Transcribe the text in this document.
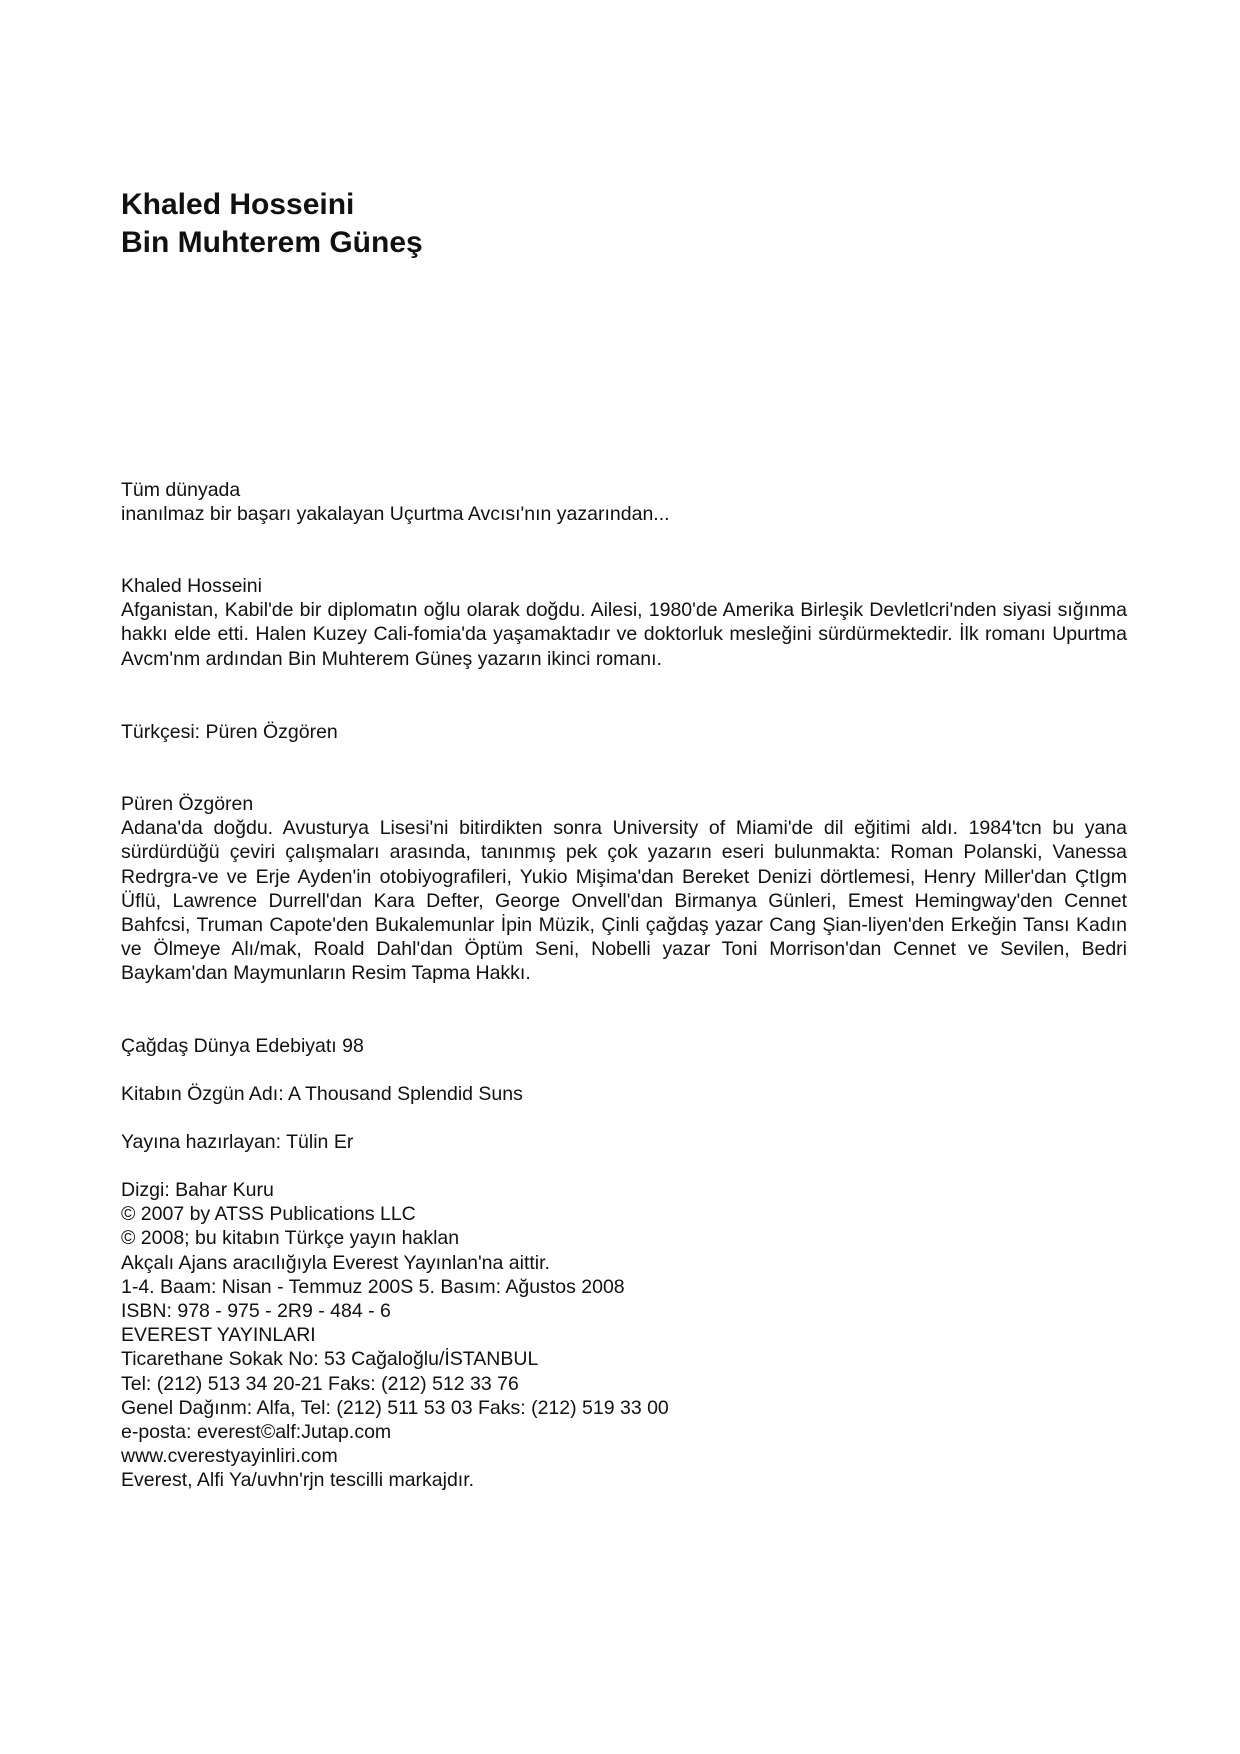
Khaled Hosseini
Bin Muhterem Güneş
Tüm dünyada
inanılmaz bir başarı yakalayan Uçurtma Avcısı'nın yazarından...
Khaled Hosseini

Afganistan, Kabil'de bir diplomatın oğlu olarak doğdu. Ailesi, 1980'de Amerika Birleşik Devletlcri'nden siyasi sığınma hakkı elde etti. Halen Kuzey Cali-fomia'da yaşamaktadır ve doktorluk mesleğini sürdürmektedir. İlk romanı Upurtma Avcm'nm ardından Bin Muhterem Güneş yazarın ikinci romanı.

Türkçesi: Püren Özgören
Püren Özgören

Adana'da doğdu. Avusturya Lisesi'ni bitirdikten sonra University of Miami'de dil eğitimi aldı. 1984'tcn bu yana sürdürdüğü çeviri çalışmaları arasında, tanınmış pek çok yazarın eseri bulunmakta: Roman Polanski, Vanessa Redrgra-ve ve Erje Ayden'in otobiyografileri, Yukio Mişima'dan Bereket Denizi dörtlemesi, Henry Miller'dan ÇtIgm Üflü, Lawrence Durrell'dan Kara Defter, George Onvell'dan Birmanya Günleri, Emest Hemingway'den Cennet Bahfcsi, Truman Capote'den Bukalemunlar İpin Müzik, Çinli çağdaş yazar Cang Şian-liyen'den Erkeğin Tansı Kadın ve Ölmeye Alı/mak, Roald Dahl'dan Öptüm Seni, Nobelli yazar Toni Morrison'dan Cennet ve Sevilen, Bedri Baykam'dan Maymunların Resim Tapma Hakkı.

Çağdaş Dünya Edebiyatı 98
Kitabın Özgün Adı: A Thousand Splendid Suns
Yayına hazırlayan: Tülin Er
Dizgi: Bahar Kuru
© 2007 by ATSS Publications LLC
© 2008; bu kitabın Türkçe yayın haklan
Akçalı Ajans aracılığıyla Everest Yayınlan'na aittir.
1-4. Baam: Nisan - Temmuz 200S 5. Basım: Ağustos 2008
ISBN: 978 - 975 - 2R9 - 484 - 6
EVEREST YAYINLARI
Ticarethane Sokak No: 53 Cağaloğlu/İSTANBUL
Tel: (212) 513 34 20-21 Faks: (212) 512 33 76
Genel Dağınm: Alfa, Tel: (212) 511 53 03 Faks: (212) 519 33 00
e-posta: everest©alf:Jutap.com
www.cverestyayinliri.com
Everest, Alfi Ya/uvhn'rjn tescilli markajdır.
